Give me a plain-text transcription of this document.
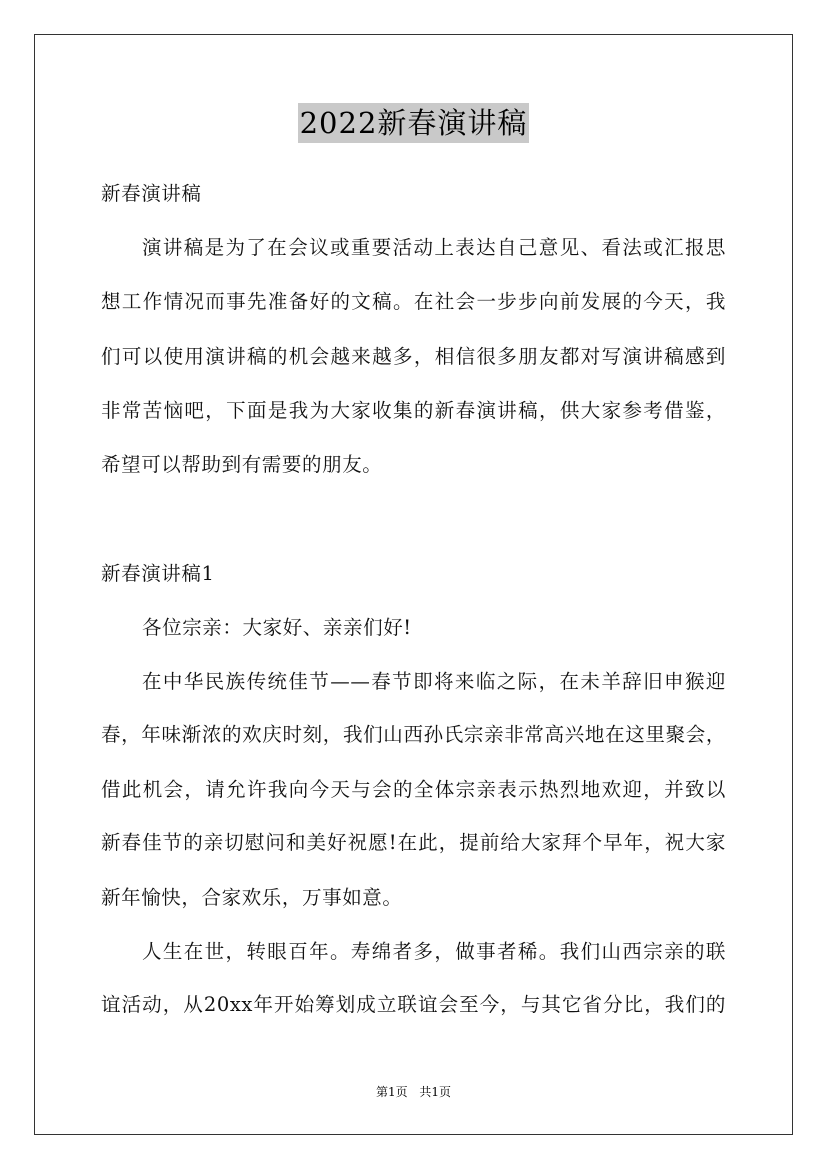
2022新春演讲稿
新春演讲稿
演讲稿是为了在会议或重要活动上表达自己意见、看法或汇报思
想工作情况而事先准备好的文稿。在社会一步步向前发展的今天，我
们可以使用演讲稿的机会越来越多，相信很多朋友都对写演讲稿感到
非常苦恼吧，下面是我为大家收集的新春演讲稿，供大家参考借鉴，
希望可以帮助到有需要的朋友。
新春演讲稿1
各位宗亲：大家好、亲亲们好!
在中华民族传统佳节——春节即将来临之际，在未羊辞旧申猴迎
春，年味渐浓的欢庆时刻，我们山西孙氏宗亲非常高兴地在这里聚会，
借此机会，请允许我向今天与会的全体宗亲表示热烈地欢迎，并致以
新春佳节的亲切慰问和美好祝愿!在此，提前给大家拜个早年，祝大家
新年愉快，合家欢乐，万事如意。
人生在世，转眼百年。寿绵者多，做事者稀。我们山西宗亲的联
谊活动，从20xx年开始筹划成立联谊会至今，与其它省分比，我们的
第1页 共1页
